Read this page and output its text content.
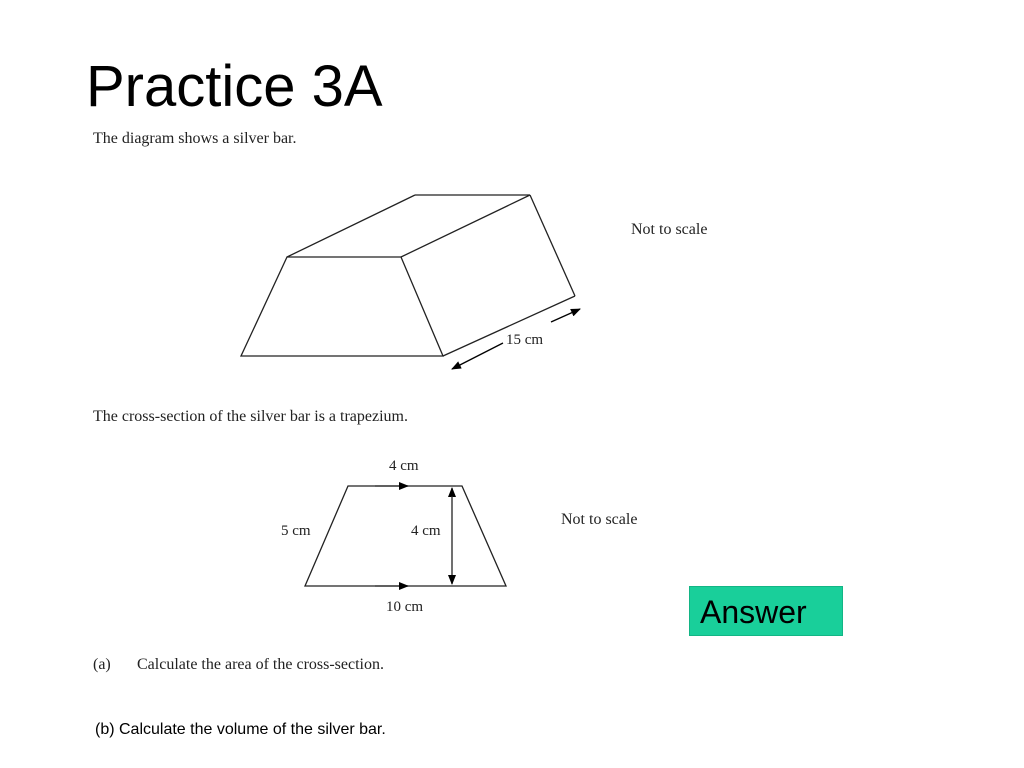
Practice 3A
The diagram shows a silver bar.
Not to scale
15 cm
The cross-section of the silver bar is a trapezium.
4 cm
5 cm	4 cm
10 cm
Not to scale
Answer
(a) Calculate the area of the cross-section.
(b) Calculate the volume of the silver bar.
